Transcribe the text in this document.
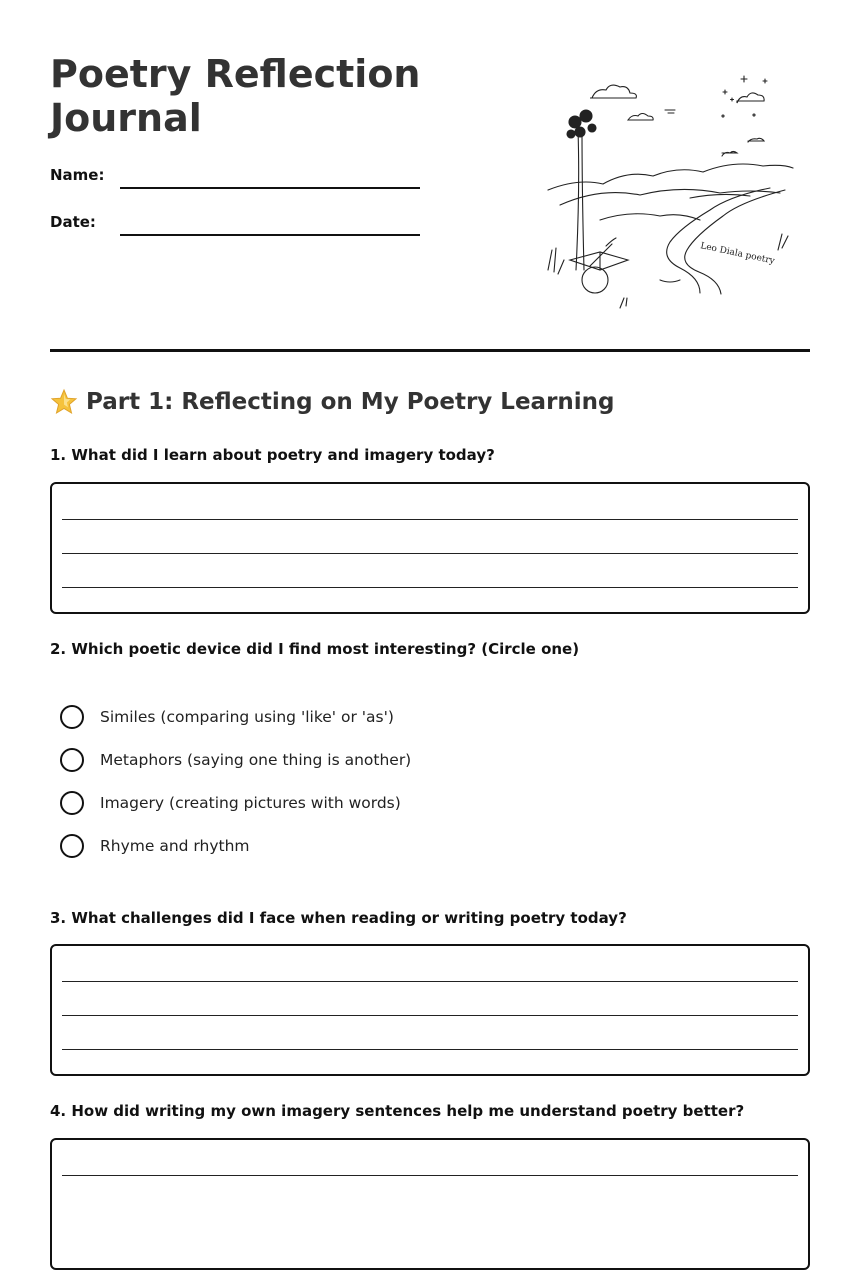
Poetry Reflection Journal
Name:
Date:
Leo Diala poetry
Part 1: Reflecting on My Poetry Learning

1. What did I learn about poetry and imagery today?

2. Which poetic device did I find most interesting? (Circle one)

Similes (comparing using 'like' or 'as')
Metaphors (saying one thing is another)
Imagery (creating pictures with words)
Rhyme and rhythm

3. What challenges did I face when reading or writing poetry today?

4. How did writing my own imagery sentences help me understand poetry better?
